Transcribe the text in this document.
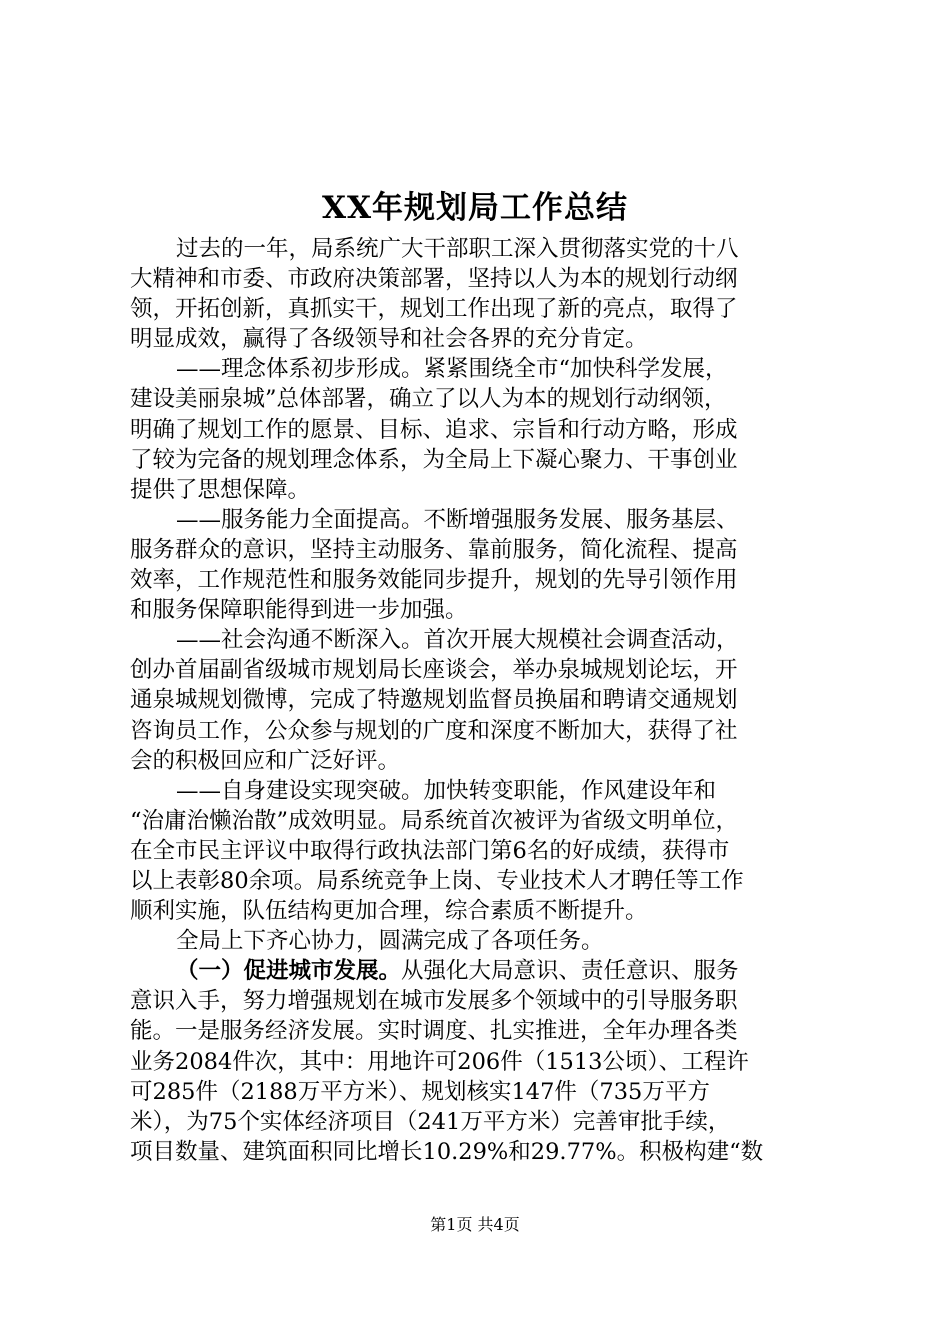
XX年规划局工作总结
过去的一年，局系统广大干部职工深入贯彻落实党的十八
大精神和市委、市政府决策部署，坚持以人为本的规划行动纲
领，开拓创新，真抓实干，规划工作出现了新的亮点，取得了
明显成效，赢得了各级领导和社会各界的充分肯定。
——理念体系初步形成。紧紧围绕全市“加快科学发展，
建设美丽泉城”总体部署，确立了以人为本的规划行动纲领，
明确了规划工作的愿景、目标、追求、宗旨和行动方略，形成
了较为完备的规划理念体系，为全局上下凝心聚力、干事创业
提供了思想保障。
——服务能力全面提高。不断增强服务发展、服务基层、
服务群众的意识，坚持主动服务、靠前服务，简化流程、提高
效率，工作规范性和服务效能同步提升，规划的先导引领作用
和服务保障职能得到进一步加强。
——社会沟通不断深入。首次开展大规模社会调查活动，
创办首届副省级城市规划局长座谈会，举办泉城规划论坛，开
通泉城规划微博，完成了特邀规划监督员换届和聘请交通规划
咨询员工作，公众参与规划的广度和深度不断加大，获得了社
会的积极回应和广泛好评。
——自身建设实现突破。加快转变职能，作风建设年和
“治庸治懒治散”成效明显。局系统首次被评为省级文明单位，
在全市民主评议中取得行政执法部门第6名的好成绩，获得市
以上表彰80余项。局系统竞争上岗、专业技术人才聘任等工作
顺利实施，队伍结构更加合理，综合素质不断提升。
全局上下齐心协力，圆满完成了各项任务。
（一）促进城市发展。从强化大局意识、责任意识、服务
意识入手，努力增强规划在城市发展多个领域中的引导服务职
能。一是服务经济发展。实时调度、扎实推进，全年办理各类
业务2084件次，其中：用地许可206件（1513公顷）、工程许
可285件（2188万平方米）、规划核实147件（735万平方
米），为75个实体经济项目（241万平方米）完善审批手续，
项目数量、建筑面积同比增长10.29%和29.77%。积极构建“数
第1页 共4页
